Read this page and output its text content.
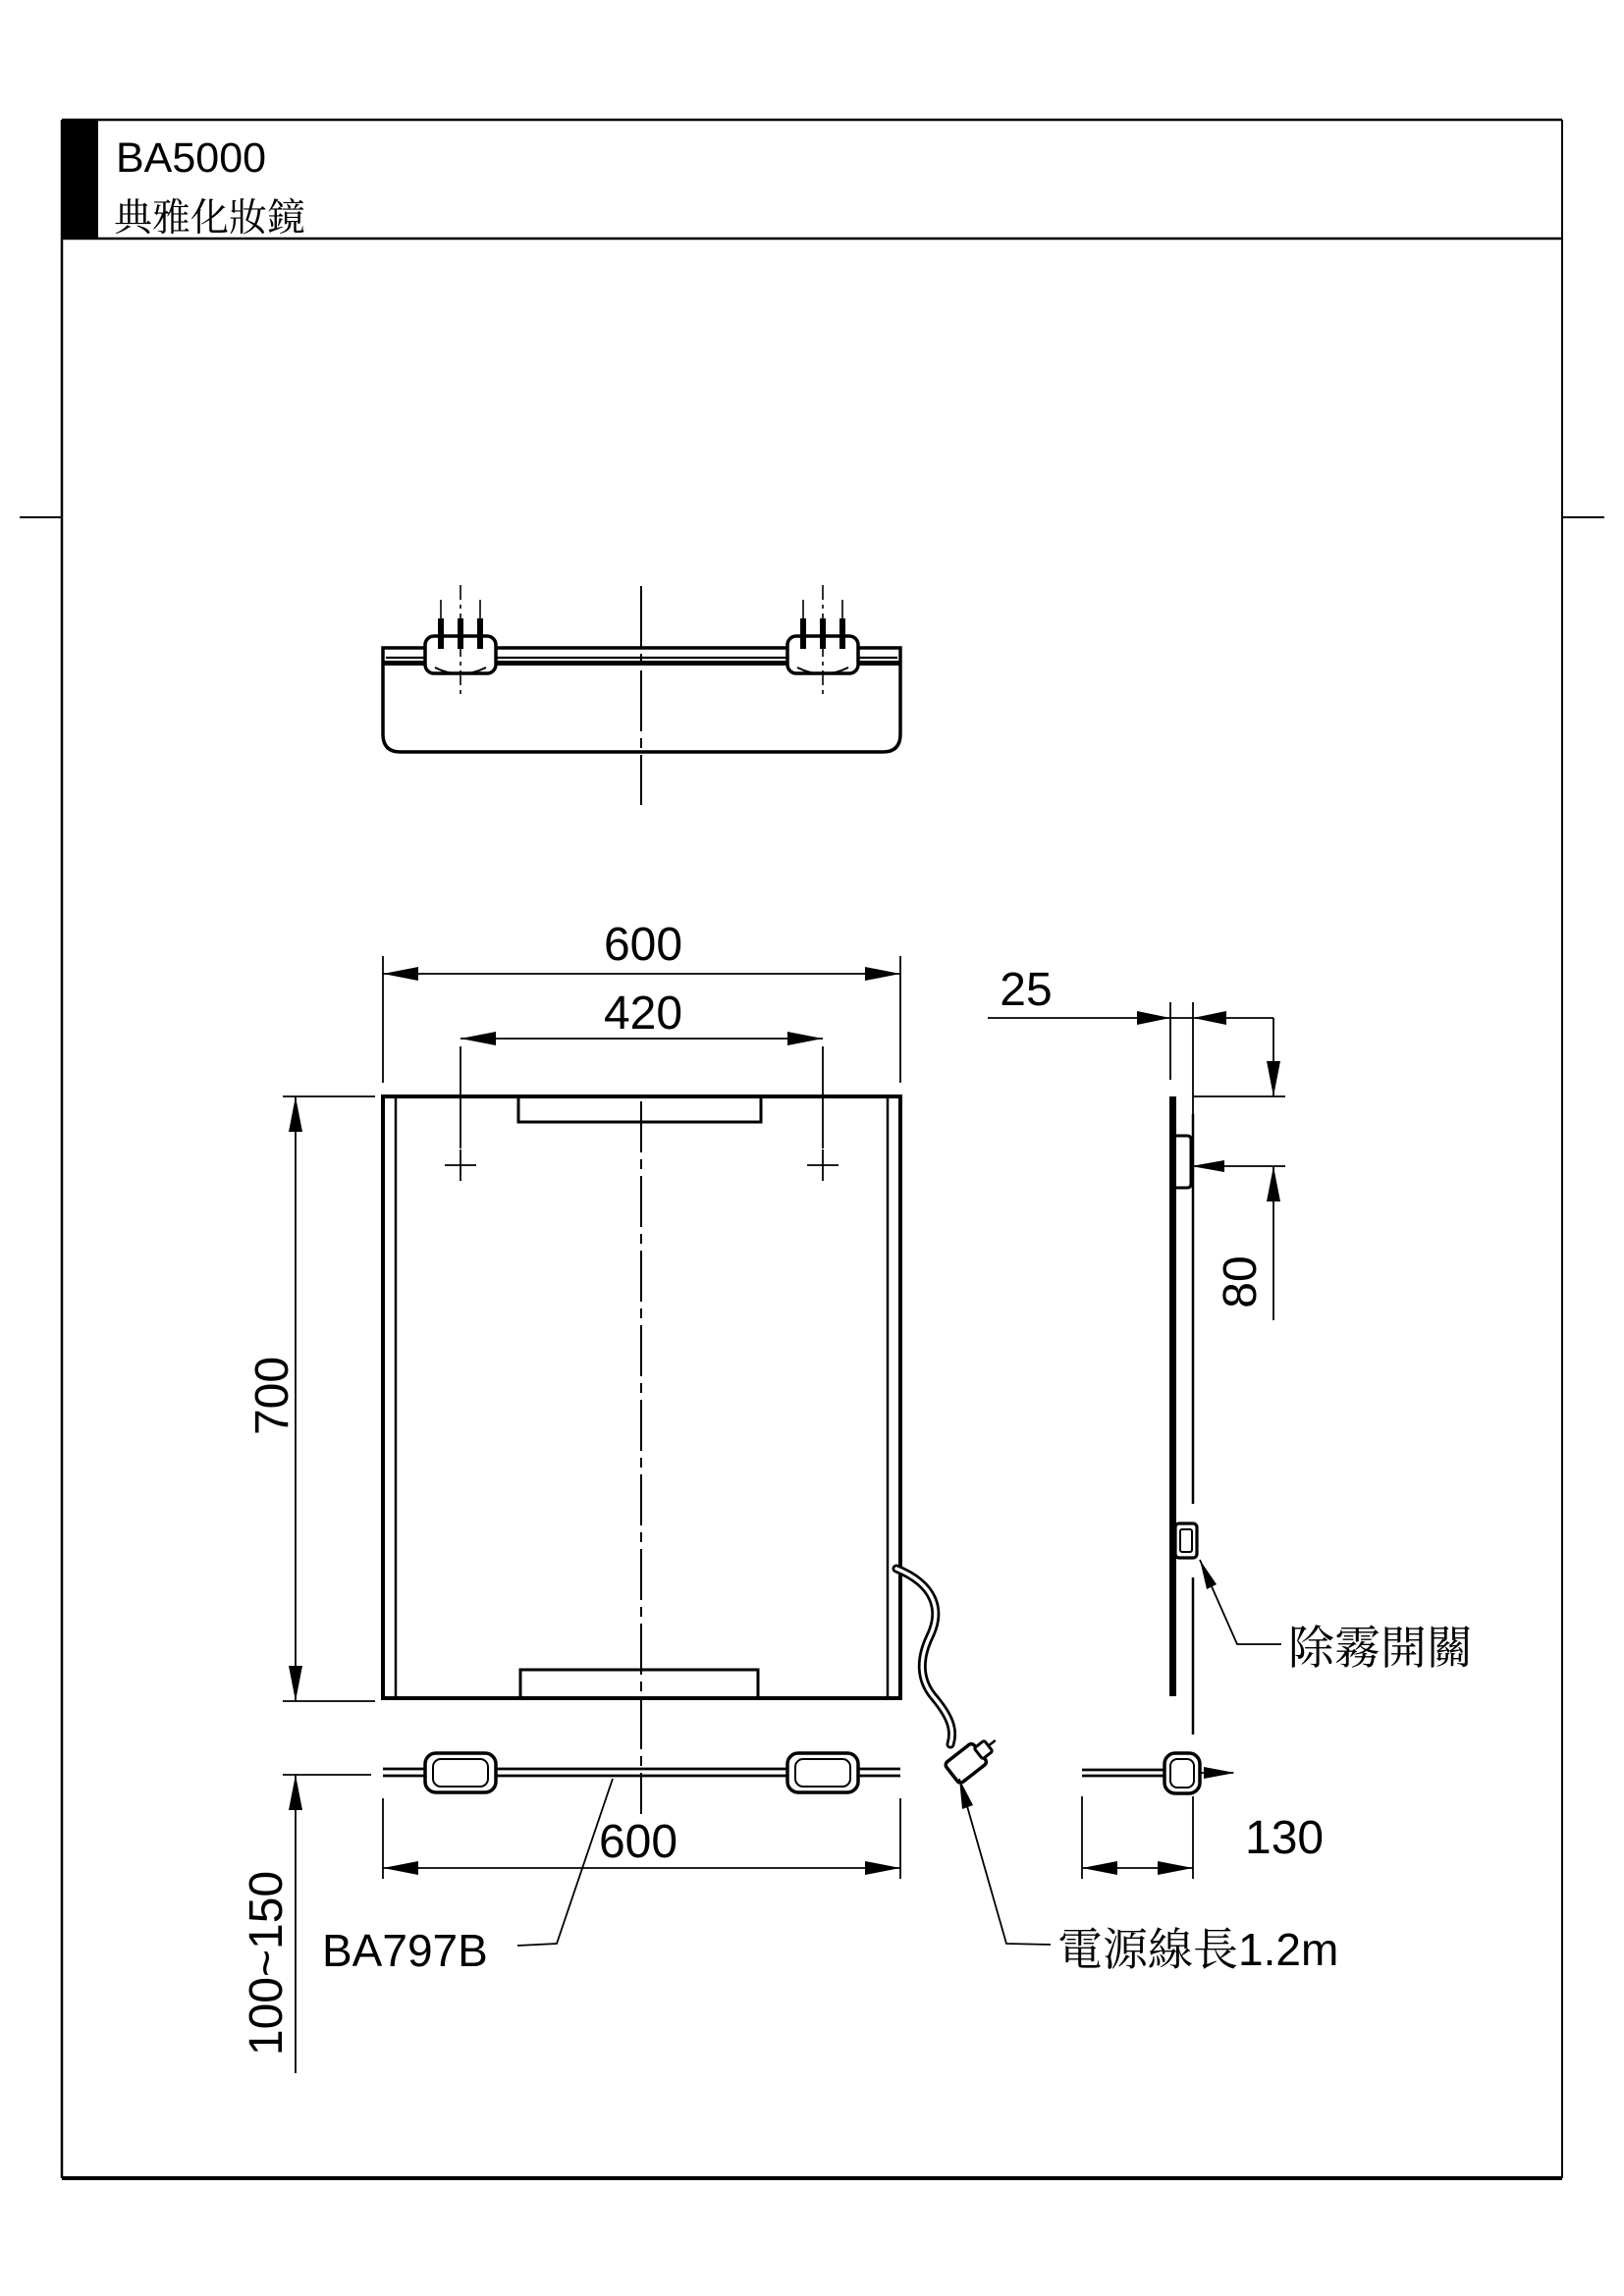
BA5000
典雅化妝鏡
600
420
700
100~150
600
25
80
130
BA797B
除霧開關
電源線長1.2m
